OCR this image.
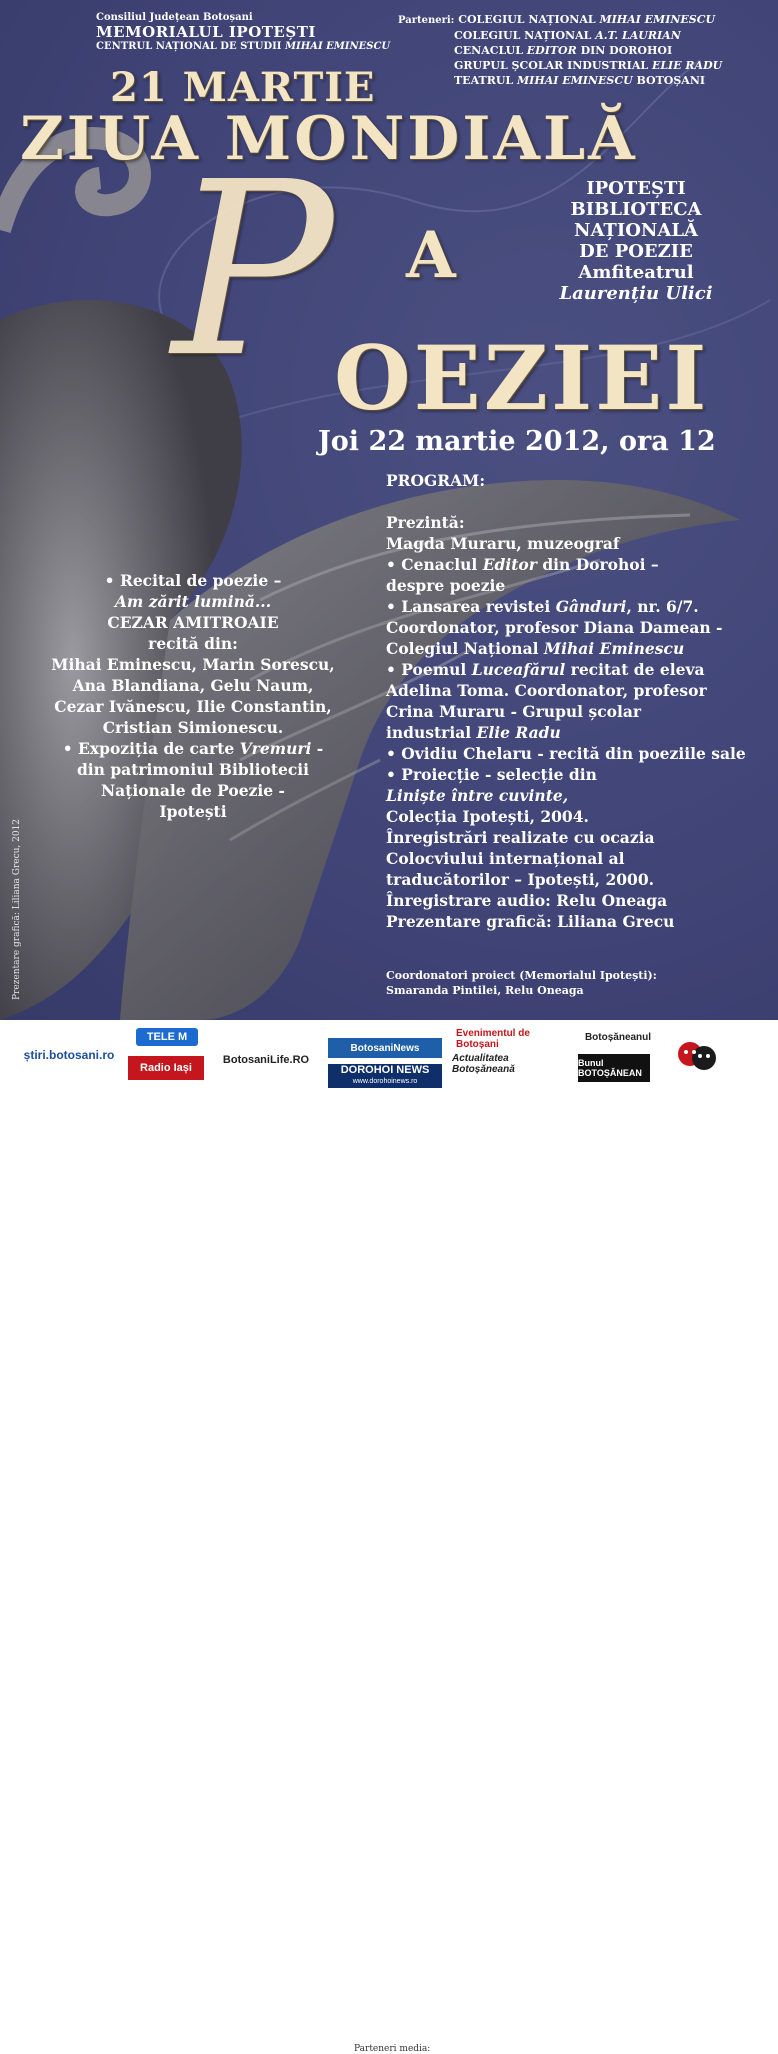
Consiliul Județean Botoșani
MEMORIALUL IPOTEȘTI
CENTRUL NAȚIONAL DE STUDII MIHAI EMINESCU
Parteneri: COLEGIUL NAȚIONAL MIHAI EMINESCU
COLEGIUL NAȚIONAL A.T. LAURIAN
CENACLUL EDITOR DIN DOROHOI
GRUPUL ȘCOLAR INDUSTRIAL ELIE RADU
TEATRUL MIHAI EMINESCU BOTOȘANI
21 MARTIE
ZIUA MONDIALĂ
P A
OEZIEI
IPOTEȘTI
BIBLIOTECA
NAȚIONALĂ
DE POEZIE
Amfiteatrul
Laurențiu Ulici
Joi 22 martie 2012, ora 12
• Recital de poezie –
Am zărit lumină...
CEZAR AMITROAIE
recită din:
Mihai Eminescu, Marin Sorescu,
Ana Blandiana, Gelu Naum,
Cezar Ivănescu, Ilie Constantin,
Cristian Simionescu.
• Expoziția de carte Vremuri -
din patrimoniul Bibliotecii
Naționale de Poezie -
Ipotești
PROGRAM:
Prezintă:
Magda Muraru, muzeograf
• Cenaclul Editor din Dorohoi –
despre poezie
• Lansarea revistei Gânduri, nr. 6/7.
Coordonator, profesor Diana Damean -
Colegiul Național Mihai Eminescu
• Poemul Luceafărul recitat de eleva
Adelina Toma. Coordonator, profesor
Crina Muraru - Grupul școlar
industrial Elie Radu
• Ovidiu Chelaru - recită din poeziile sale
• Proiecție - selecție din
Liniște între cuvinte,
Colecția Ipotești, 2004.
Înregistrări realizate cu ocazia
Colocviului internațional al
traducătorilor – Ipotești, 2000.
Înregistrare audio: Relu Oneaga
Prezentare grafică: Liliana Grecu
Coordonatori proiect (Memorialul Ipotești):
Smaranda Pintilei, Relu Oneaga
Prezentare grafică: Liliana Grecu, 2012
Parteneri media:
știri.botosani.ro
TELE M
Radio Iași
BotosaniLife.RO
BotosaniNews
DOROHOI NEWS
www.dorohoinews.ro
Evenimentul de Botoșani
Actualitatea Botoșăneană
Botoșăneanul
Bunul BOTOȘĂNEAN
